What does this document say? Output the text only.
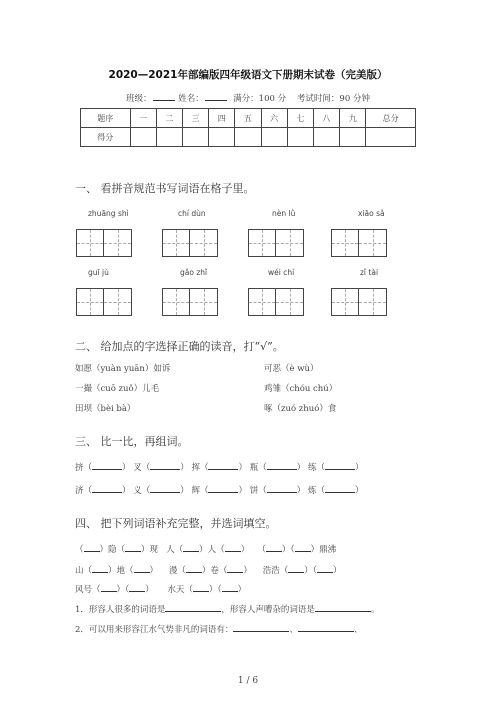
2020—2021年部编版四年级语文下册期末试卷（完美版）
班级：	姓名：	满分：100 分 考试时间：90 分钟
题序	一	二	三	四	五	六	七	八	九	总分
得分										
一、 看拼音规范书写词语在格子里。
zhuāng shì	chí dùn	nèn lǜ	xiāo sǎ
guī jù	gǎo zhǐ	wéi chí	zǐ tài
二、 给加点的字选择正确的读音，打“√”。
如愿（yuàn yuān）如诉	可恶（è wù）
一撮（cuō zuǒ）儿毛	鸡雏（chóu chú）
田坝（bèi bà）	啄（zuó zhuó）食
三、 比一比，再组词。
挤（	） 叉（	） 挥（	） 瓶（	） 练（	）
济（	） 义（	） 辉（	） 饼（	） 炼（	）
四、 把下列词语补充完整，并选词填空。
（ ）隐（ ）现 人（ ）人（ ） （ ）（ ）鼎沸
山（ ）地（ ） 漫（ ）卷（ ） 浩浩（ ）（ ）
风号（ ）（ ） 水天（ ）（ ）
1．形容人很多的词语是	，形容人声嘈杂的词语是	。
2．可以用来形容江水气势非凡的词语有：	、	、
1 / 6
